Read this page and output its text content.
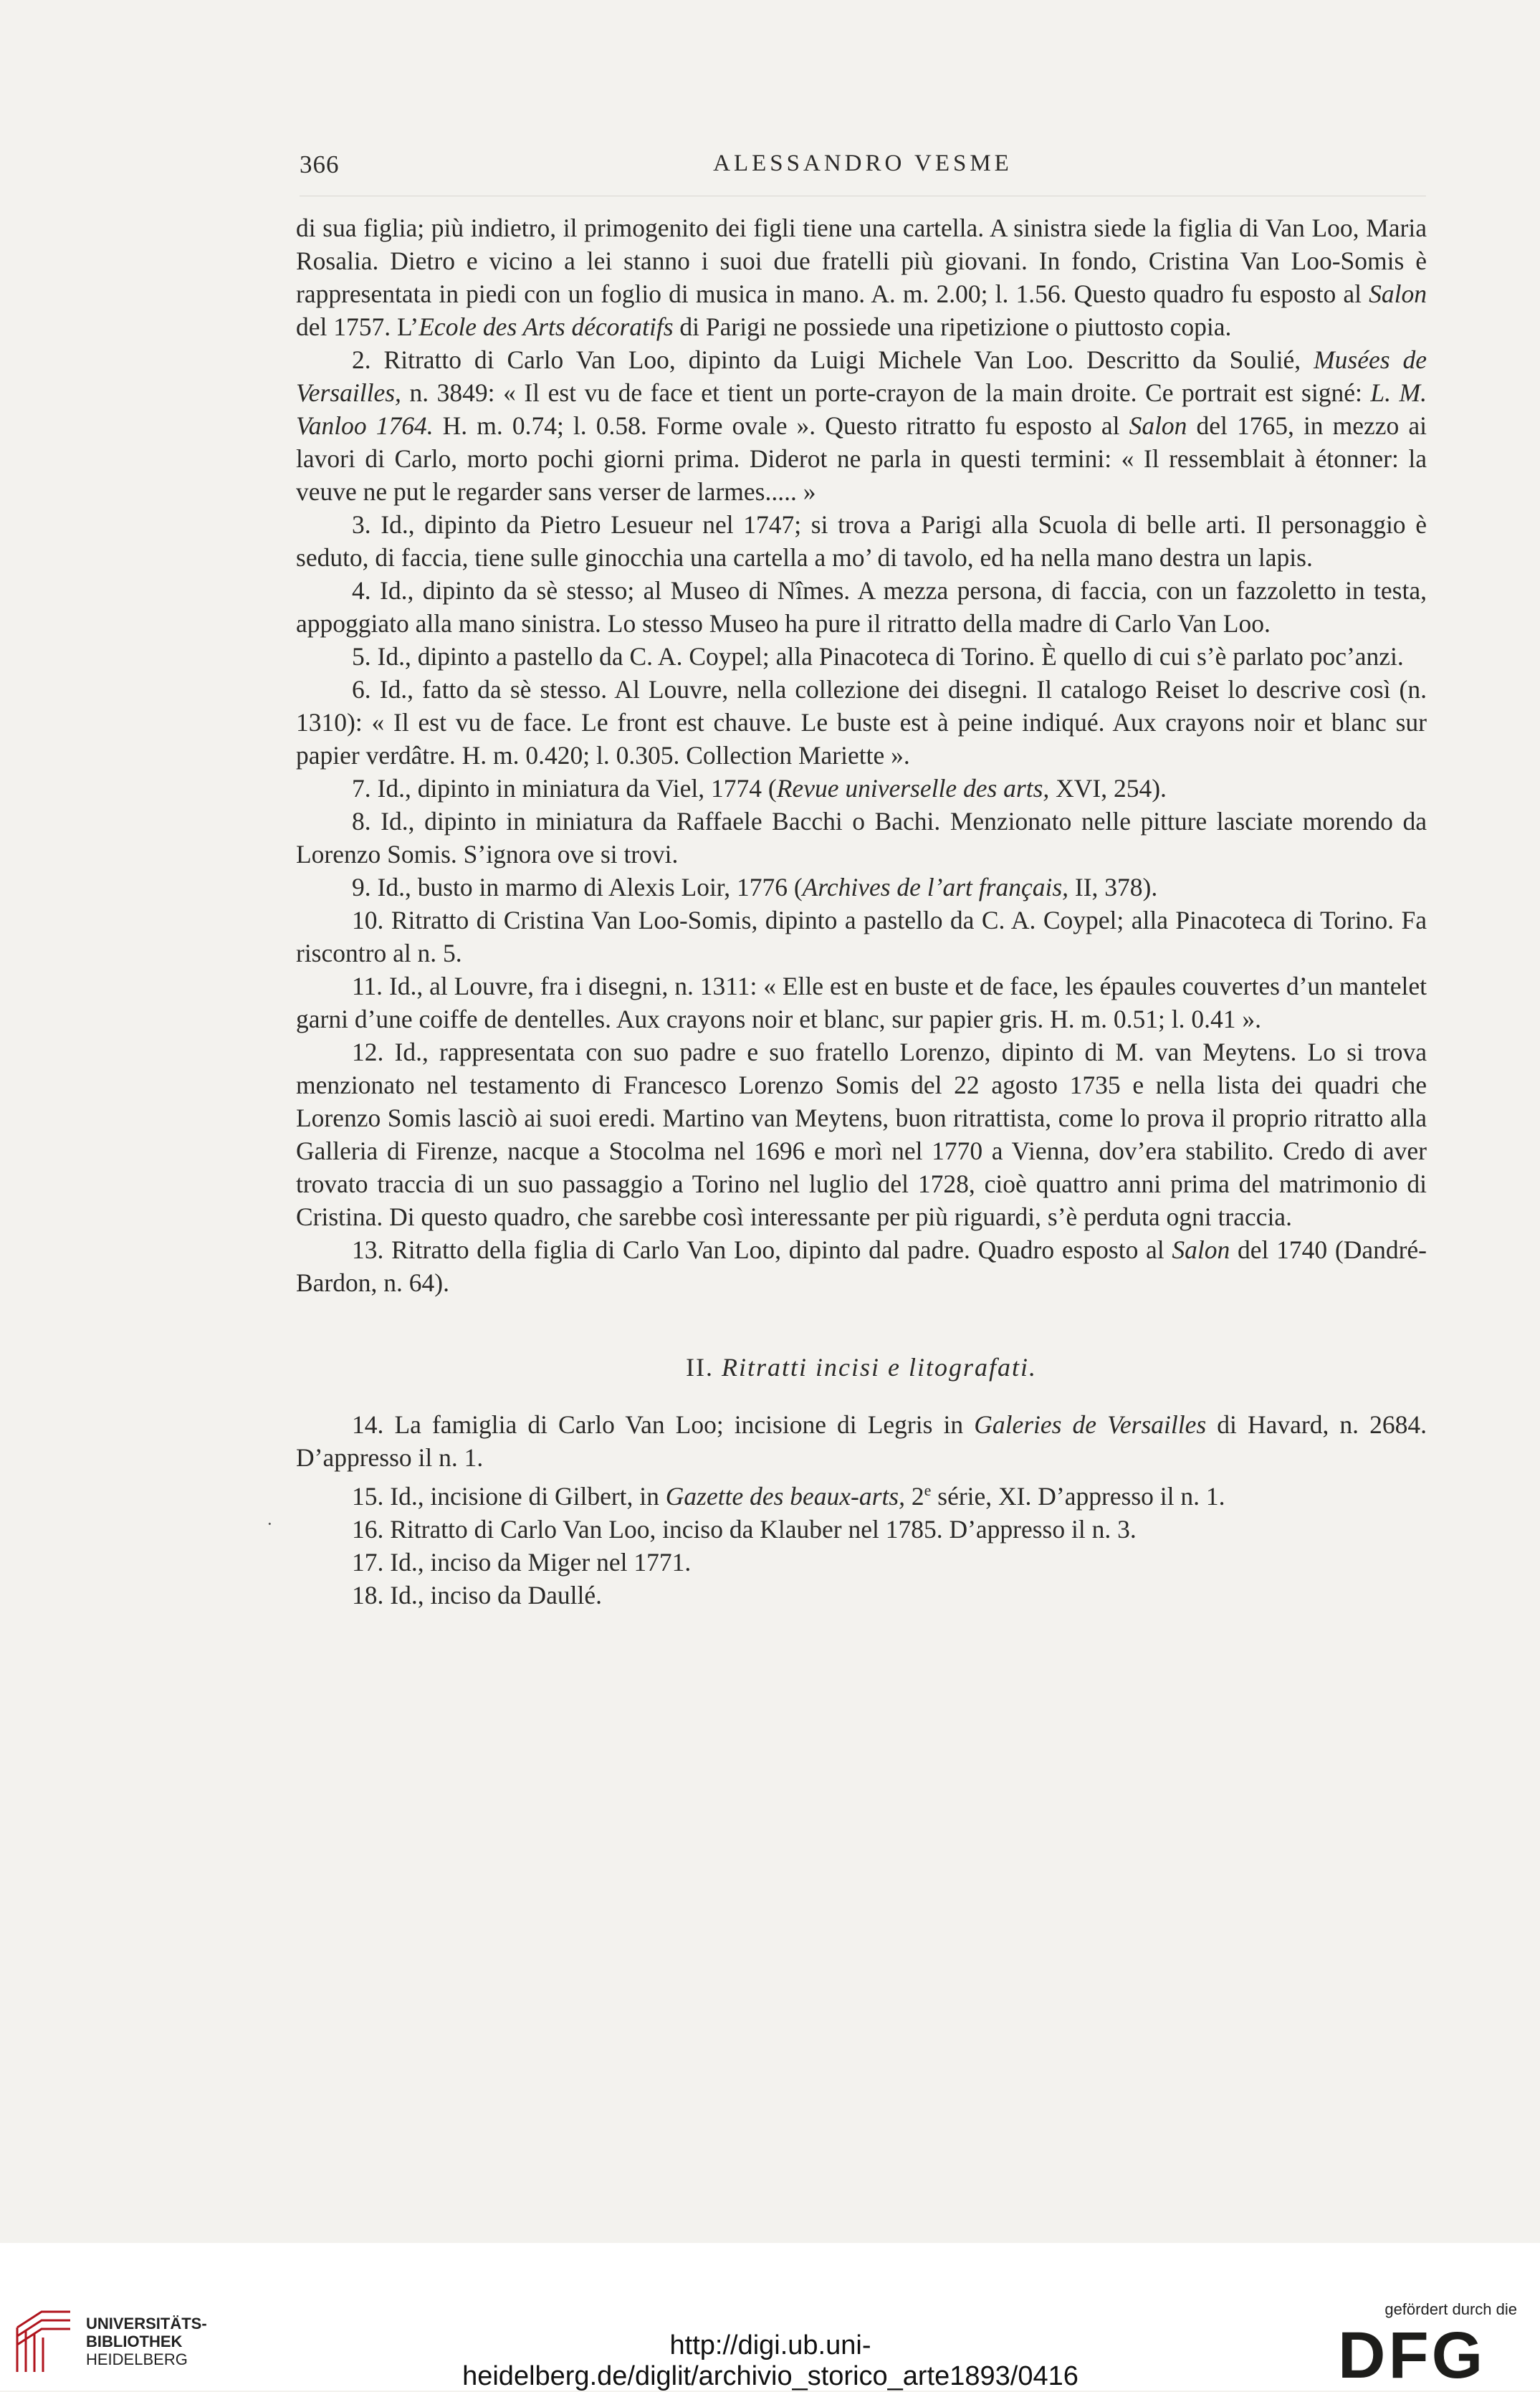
366	ALESSANDRO VESME
·

di sua figlia; più indietro, il primogenito dei figli tiene una cartella. A sinistra siede la figlia di Van Loo, Maria Rosalia. Dietro e vicino a lei stanno i suoi due fratelli più giovani. In fondo, Cristina Van Loo-Somis è rappresentata in piedi con un foglio di musica in mano. A. m. 2.00; l. 1.56. Questo quadro fu esposto al Salon del 1757. L’Ecole des Arts décoratifs di Parigi ne possiede una ripetizione o piuttosto copia.

2. Ritratto di Carlo Van Loo, dipinto da Luigi Michele Van Loo. Descritto da Soulié, Musées de Versailles, n. 3849: « Il est vu de face et tient un porte-crayon de la main droite. Ce portrait est signé: L. M. Vanloo 1764. H. m. 0.74; l. 0.58. Forme ovale ». Questo ritratto fu esposto al Salon del 1765, in mezzo ai lavori di Carlo, morto pochi giorni prima. Diderot ne parla in questi termini: « Il ressemblait à étonner: la veuve ne put le regarder sans verser de larmes..... »

3. Id., dipinto da Pietro Lesueur nel 1747; si trova a Parigi alla Scuola di belle arti. Il personaggio è seduto, di faccia, tiene sulle ginocchia una cartella a mo’ di tavolo, ed ha nella mano destra un lapis.

4. Id., dipinto da sè stesso; al Museo di Nîmes. A mezza persona, di faccia, con un fazzoletto in testa, appoggiato alla mano sinistra. Lo stesso Museo ha pure il ritratto della madre di Carlo Van Loo.

5. Id., dipinto a pastello da C. A. Coypel; alla Pinacoteca di Torino. È quello di cui s’è parlato poc’anzi.

6. Id., fatto da sè stesso. Al Louvre, nella collezione dei disegni. Il catalogo Reiset lo descrive così (n. 1310): « Il est vu de face. Le front est chauve. Le buste est à peine indiqué. Aux crayons noir et blanc sur papier verdâtre. H. m. 0.420; l. 0.305. Collection Mariette ».

7. Id., dipinto in miniatura da Viel, 1774 (Revue universelle des arts, XVI, 254).

8. Id., dipinto in miniatura da Raffaele Bacchi o Bachi. Menzionato nelle pitture lasciate morendo da Lorenzo Somis. S’ignora ove si trovi.

9. Id., busto in marmo di Alexis Loir, 1776 (Archives de l’art français, II, 378).

10. Ritratto di Cristina Van Loo-Somis, dipinto a pastello da C. A. Coypel; alla Pinacoteca di Torino. Fa riscontro al n. 5.

11. Id., al Louvre, fra i disegni, n. 1311: « Elle est en buste et de face, les épaules couvertes d’un mantelet garni d’une coiffe de dentelles. Aux crayons noir et blanc, sur papier gris. H. m. 0.51; l. 0.41 ».

12. Id., rappresentata con suo padre e suo fratello Lorenzo, dipinto di M. van Meytens. Lo si trova menzionato nel testamento di Francesco Lorenzo Somis del 22 agosto 1735 e nella lista dei quadri che Lorenzo Somis lasciò ai suoi eredi. Martino van Meytens, buon ritrattista, come lo prova il proprio ritratto alla Galleria di Firenze, nacque a Stocolma nel 1696 e morì nel 1770 a Vienna, dov’era stabilito. Credo di aver trovato traccia di un suo passaggio a Torino nel luglio del 1728, cioè quattro anni prima del matrimonio di Cristina. Di questo quadro, che sarebbe così interessante per più riguardi, s’è perduta ogni traccia.

13. Ritratto della figlia di Carlo Van Loo, dipinto dal padre. Quadro esposto al Salon del 1740 (Dandré-Bardon, n. 64).

II. Ritratti incisi e litografati.

14. La famiglia di Carlo Van Loo; incisione di Legris in Galeries de Versailles di Havard, n. 2684. D’appresso il n. 1.

15. Id., incisione di Gilbert, in Gazette des beaux-arts, 2e série, XI. D’appresso il n. 1.

16. Ritratto di Carlo Van Loo, inciso da Klauber nel 1785. D’appresso il n. 3.

17. Id., inciso da Miger nel 1771.

18. Id., inciso da Daullé.

UNIVERSITÄTS-
BIBLIOTHEK
HEIDELBERG	http://digi.ub.uni-heidelberg.de/diglit/archivio_storico_arte1893/0416
gefördert durch die
DFG
